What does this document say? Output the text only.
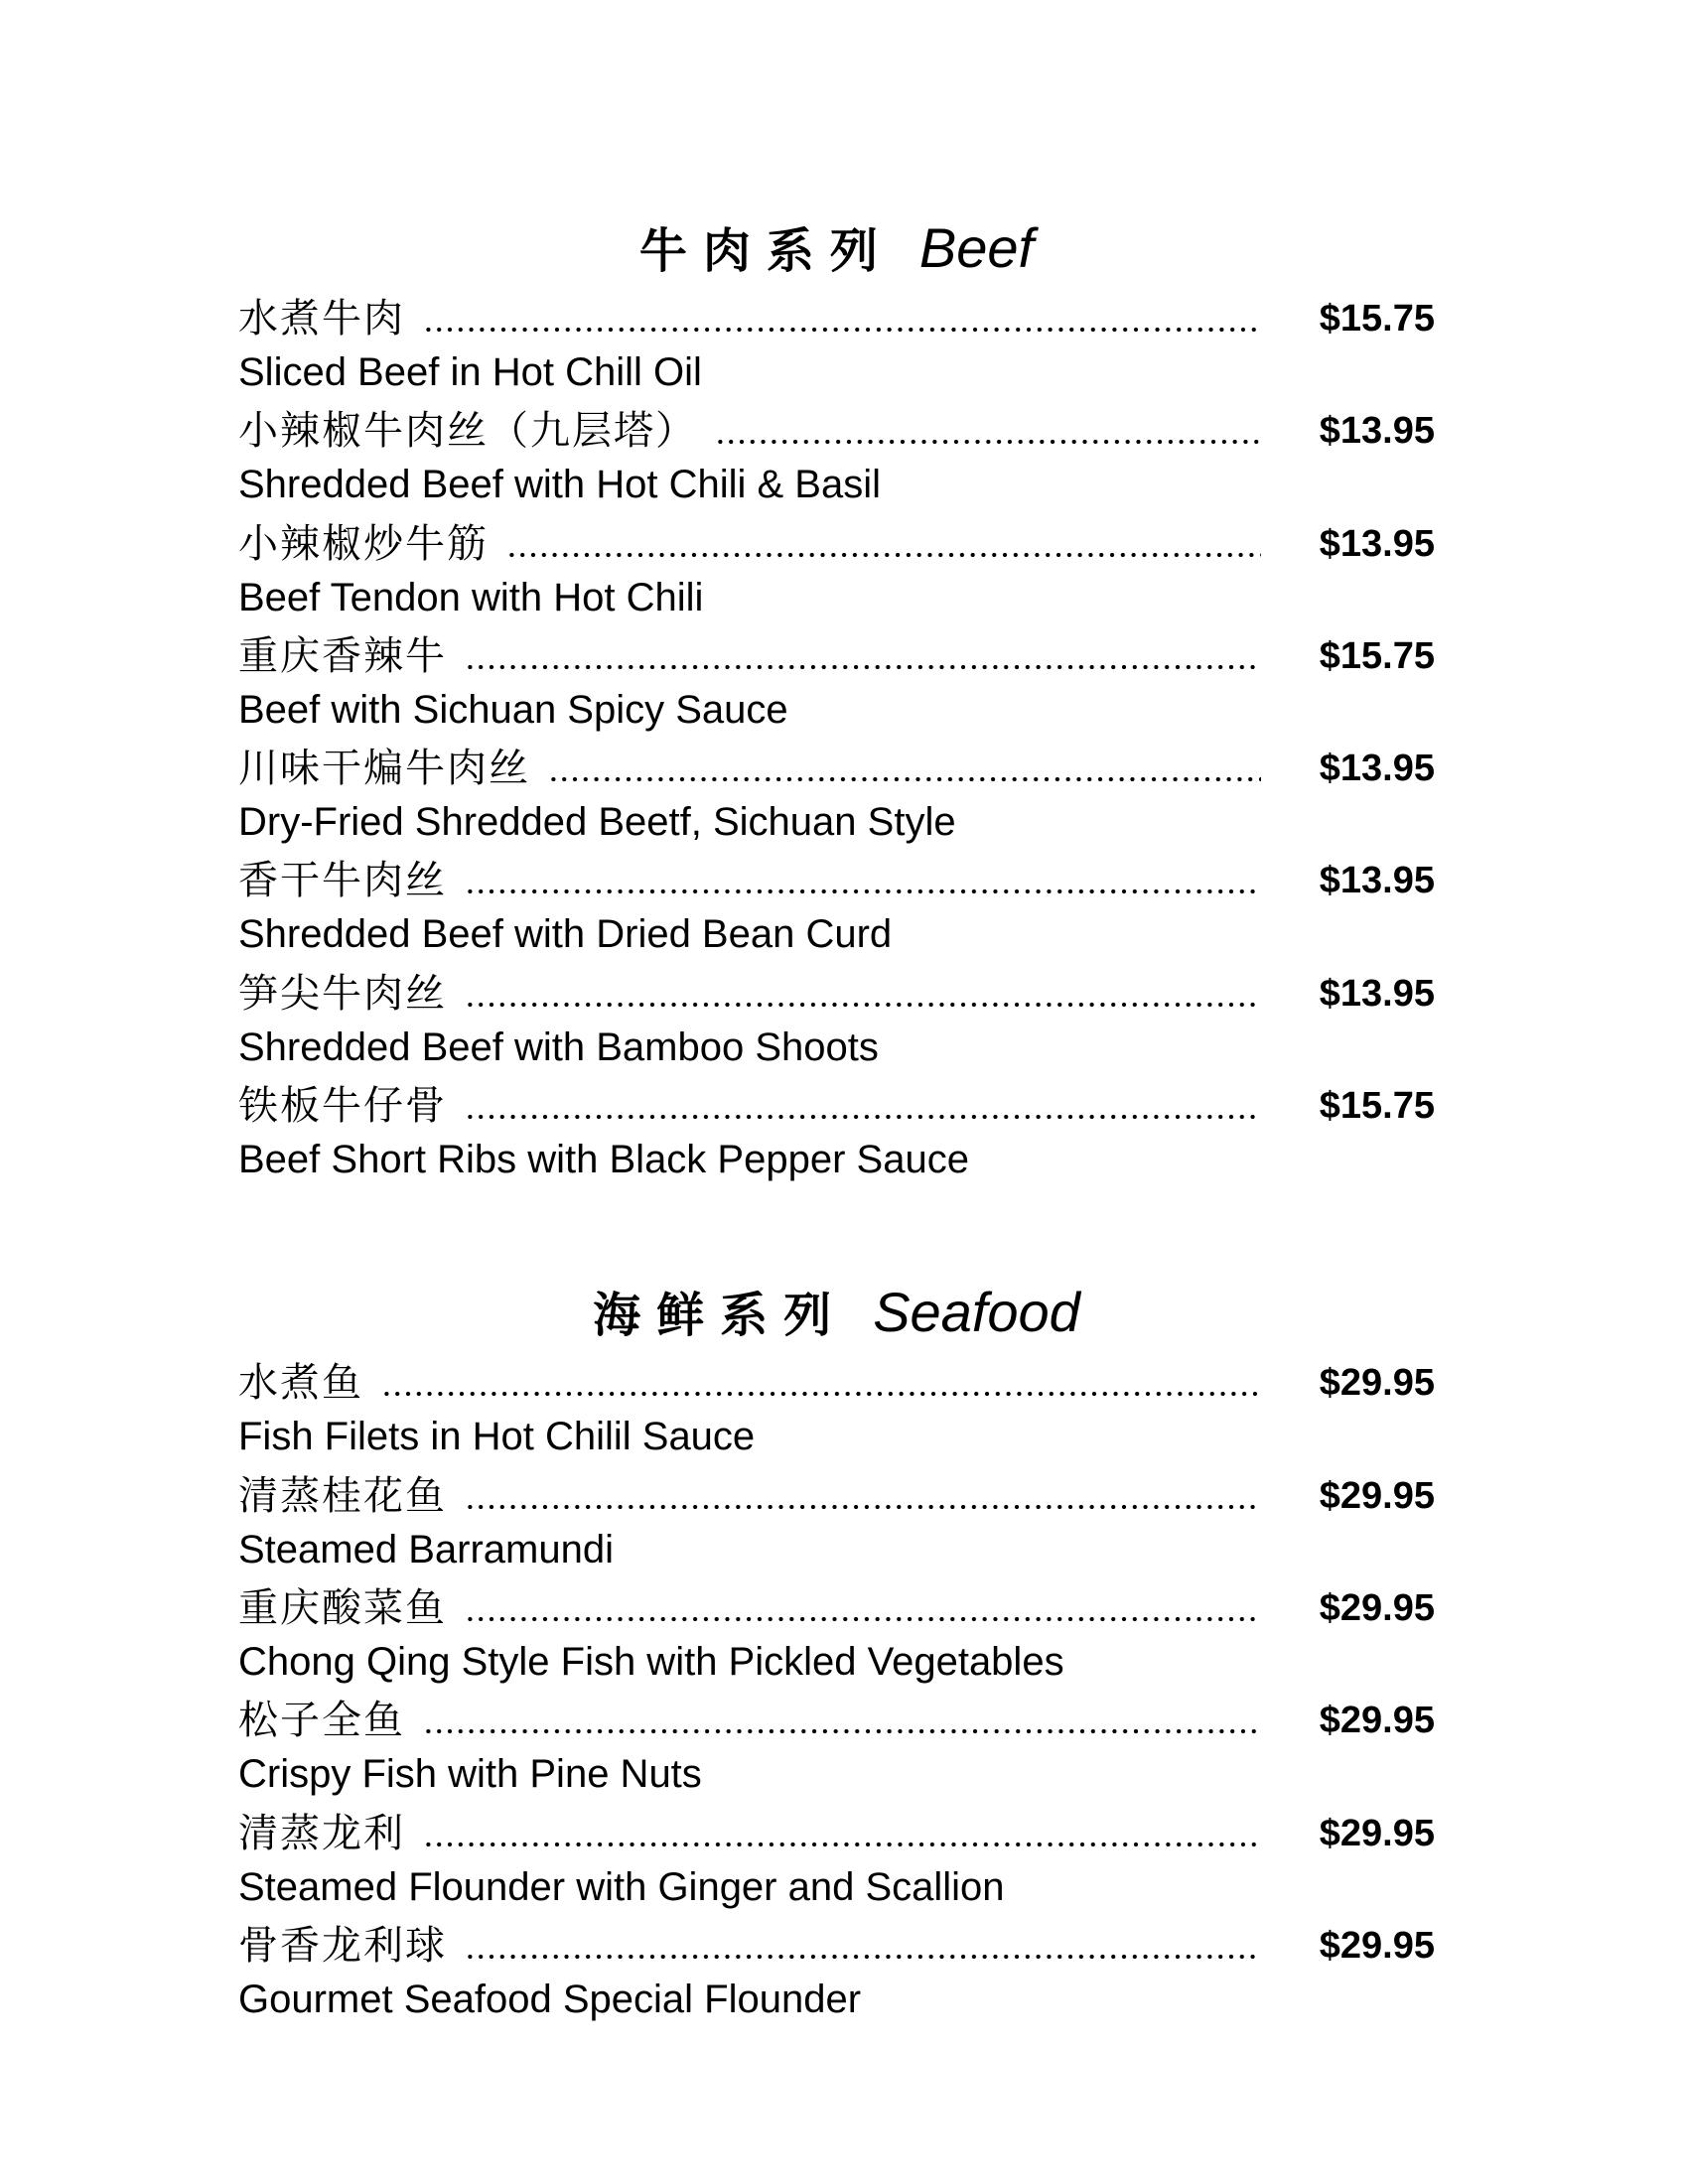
牛肉系列 Beef
水煮牛肉	$15.75
Sliced Beef in Hot Chill Oil
小辣椒牛肉丝（九层塔）	$13.95
Shredded Beef with Hot Chili & Basil
小辣椒炒牛筋	$13.95
Beef Tendon with Hot Chili
重庆香辣牛	$15.75
Beef with Sichuan Spicy Sauce
川味干煸牛肉丝	$13.95
Dry-Fried Shredded Beetf, Sichuan Style
香干牛肉丝	$13.95
Shredded Beef with Dried Bean Curd
笋尖牛肉丝	$13.95
Shredded Beef with Bamboo Shoots
铁板牛仔骨	$15.75
Beef Short Ribs with Black Pepper Sauce
海鲜系列 Seafood
水煮鱼	$29.95
Fish Filets in Hot Chilil Sauce
清蒸桂花鱼	$29.95
Steamed Barramundi
重庆酸菜鱼	$29.95
Chong Qing Style Fish with Pickled Vegetables
松子全鱼	$29.95
Crispy Fish with Pine Nuts
清蒸龙利	$29.95
Steamed Flounder with Ginger and Scallion
骨香龙利球	$29.95
Gourmet Seafood Special Flounder
